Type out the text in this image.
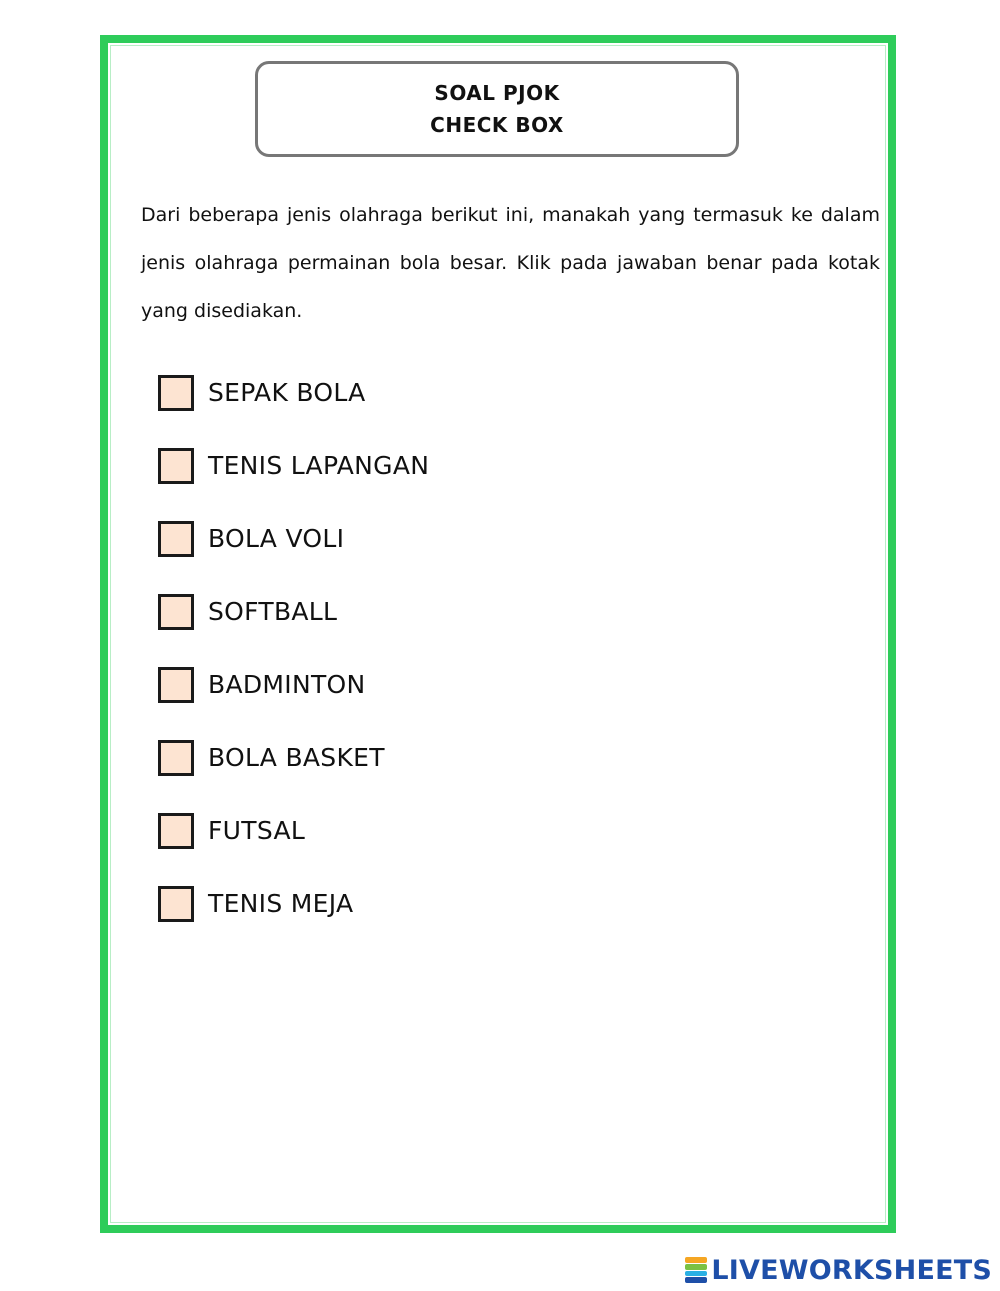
SOAL PJOK
CHECK BOX

Dari beberapa jenis olahraga berikut ini, manakah yang termasuk ke dalam jenis olahraga permainan bola besar. Klik pada jawaban benar pada kotak yang disediakan.

SEPAK BOLA
TENIS LAPANGAN
BOLA VOLI
SOFTBALL
BADMINTON
BOLA BASKET
FUTSAL
TENIS MEJA
LIVEWORKSHEETS
